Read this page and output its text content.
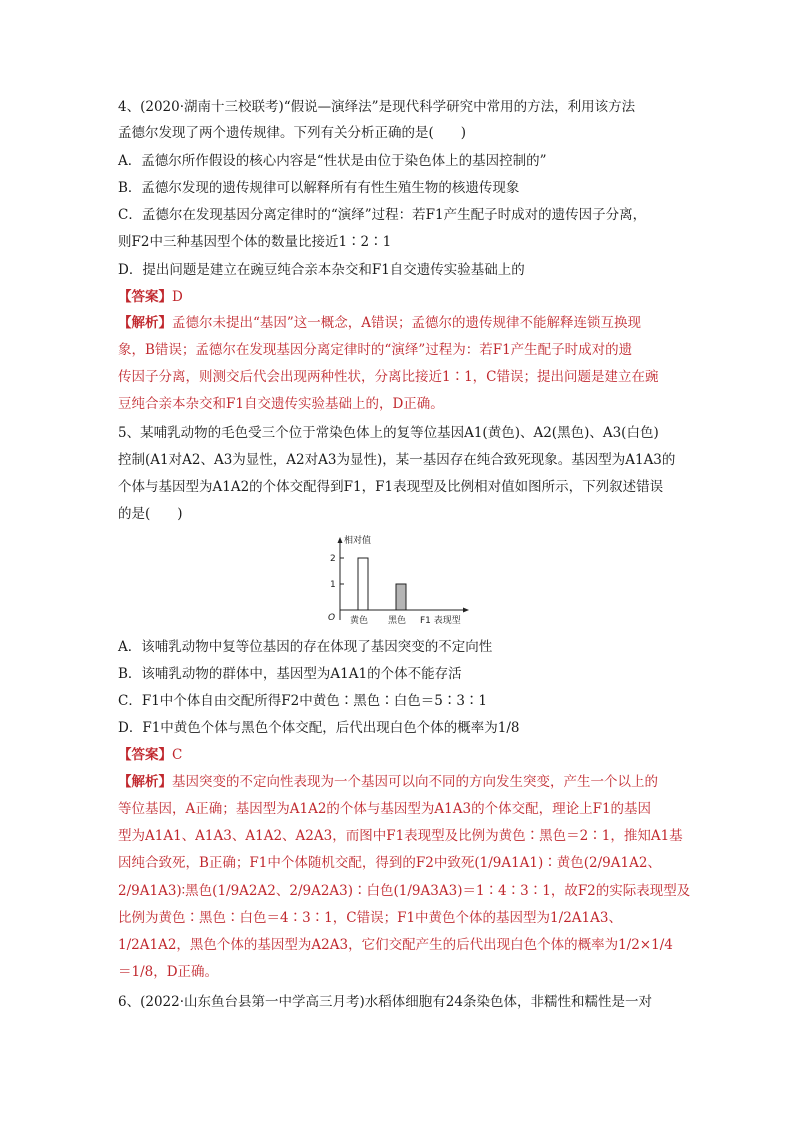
4、(2020·湖南十三校联考)“假说—演绎法”是现代科学研究中常用的方法，利用该方法
孟德尔发现了两个遗传规律。下列有关分析正确的是(　　)
A．孟德尔所作假设的核心内容是“性状是由位于染色体上的基因控制的”
B．孟德尔发现的遗传规律可以解释所有有性生殖生物的核遗传现象
C．孟德尔在发现基因分离定律时的“演绎”过程：若F1产生配子时成对的遗传因子分离，
则F2中三种基因型个体的数量比接近1∶2∶1
D．提出问题是建立在豌豆纯合亲本杂交和F1自交遗传实验基础上的
【答案】D
【解析】孟德尔未提出“基因”这一概念，A错误；孟德尔的遗传规律不能解释连锁互换现
象，B错误；孟德尔在发现基因分离定律时的“演绎”过程为：若F1产生配子时成对的遗
传因子分离，则测交后代会出现两种性状，分离比接近1∶1，C错误；提出问题是建立在豌
豆纯合亲本杂交和F1自交遗传实验基础上的，D正确。
5、某哺乳动物的毛色受三个位于常染色体上的复等位基因A1(黄色)、A2(黑色)、A3(白色)
控制(A1对A2、A3为显性，A2对A3为显性)，某一基因存在纯合致死现象。基因型为A1A3的
个体与基因型为A1A2的个体交配得到F1，F1表现型及比例相对值如图所示，下列叙述错误
的是(　　)
相对值
O	F1 表现型
1
2
黄色 黑色
A．该哺乳动物中复等位基因的存在体现了基因突变的不定向性
B．该哺乳动物的群体中，基因型为A1A1的个体不能存活
C．F1中个体自由交配所得F2中黄色∶黑色∶白色＝5∶3∶1
D．F1中黄色个体与黑色个体交配，后代出现白色个体的概率为1/8
【答案】C
【解析】基因突变的不定向性表现为一个基因可以向不同的方向发生突变，产生一个以上的
等位基因，A正确；基因型为A1A2的个体与基因型为A1A3的个体交配，理论上F1的基因
型为A1A1、A1A3、A1A2、A2A3，而图中F1表现型及比例为黄色∶黑色＝2∶1，推知A1基
因纯合致死，B正确；F1中个体随机交配，得到的F2中致死(1/9A1A1)∶黄色(2/9A1A2、
2/9A1A3)∶黑色(1/9A2A2、2/9A2A3)∶白色(1/9A3A3)＝1∶4∶3∶1，故F2的实际表现型及
比例为黄色∶黑色∶白色＝4∶3∶1，C错误；F1中黄色个体的基因型为1/2A1A3、
1/2A1A2，黑色个体的基因型为A2A3，它们交配产生的后代出现白色个体的概率为1/2×1/4
＝1/8，D正确。
6、(2022·山东鱼台县第一中学高三月考)水稻体细胞有24条染色体，非糯性和糯性是一对
